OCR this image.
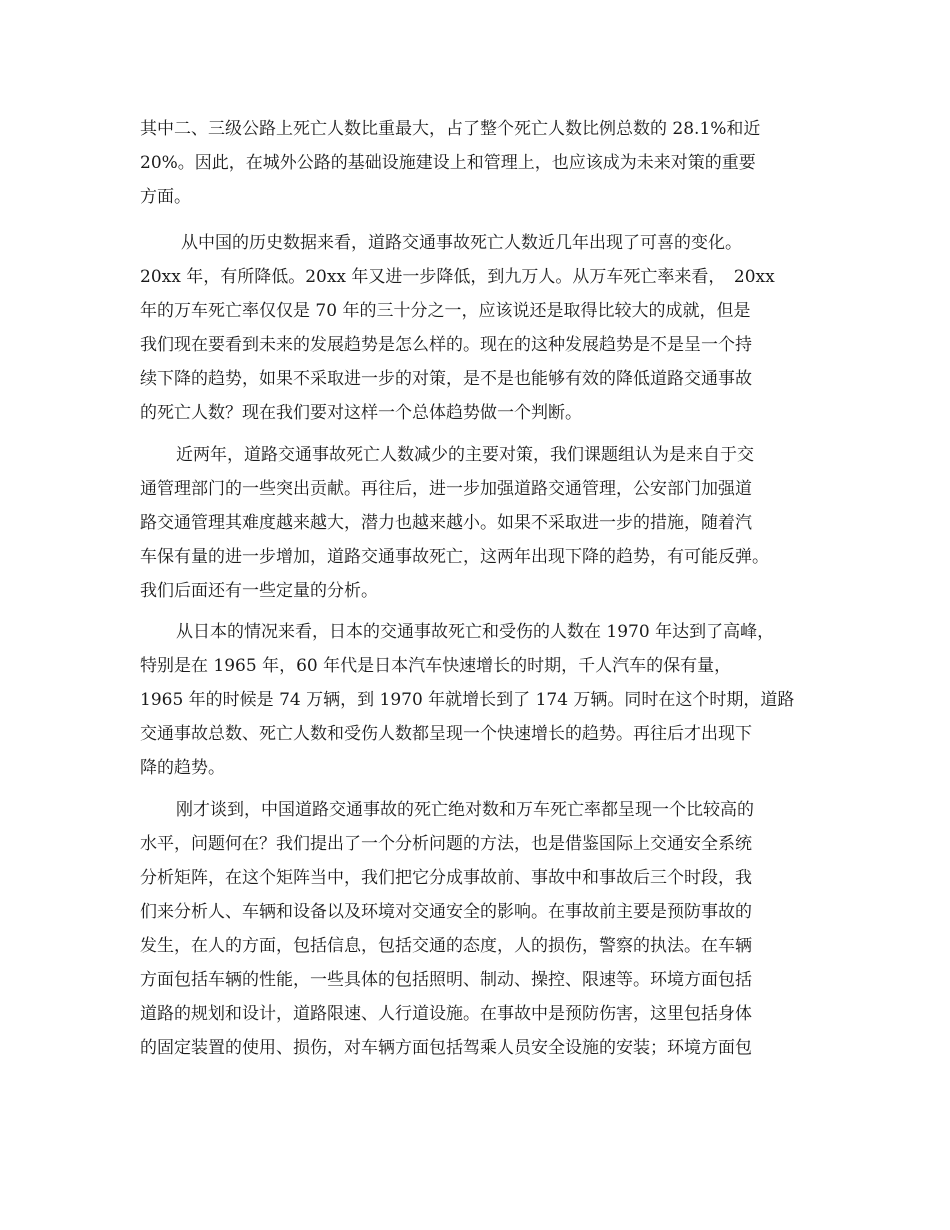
其中二、三级公路上死亡人数比重最大，占了整个死亡人数比例总数的 28.1%和近
20%。因此，在城外公路的基础设施建设上和管理上，也应该成为未来对策的重要
方面。
　从中国的历史数据来看，道路交通事故死亡人数近几年出现了可喜的变化。
20xx 年，有所降低。20xx 年又进一步降低，到九万人。从万车死亡率来看，　20xx
年的万车死亡率仅仅是 70 年的三十分之一，应该说还是取得比较大的成就，但是
我们现在要看到未来的发展趋势是怎么样的。现在的这种发展趋势是不是呈一个持
续下降的趋势，如果不采取进一步的对策，是不是也能够有效的降低道路交通事故
的死亡人数？现在我们要对这样一个总体趋势做一个判断。
近两年，道路交通事故死亡人数减少的主要对策，我们课题组认为是来自于交
通管理部门的一些突出贡献。再往后，进一步加强道路交通管理，公安部门加强道
路交通管理其难度越来越大，潜力也越来越小。如果不采取进一步的措施，随着汽
车保有量的进一步增加，道路交通事故死亡，这两年出现下降的趋势，有可能反弹。
我们后面还有一些定量的分析。
从日本的情况来看，日本的交通事故死亡和受伤的人数在 1970 年达到了高峰，
特别是在 1965 年，60 年代是日本汽车快速增长的时期，千人汽车的保有量，
1965 年的时候是 74 万辆，到 1970 年就增长到了 174 万辆。同时在这个时期，道路
交通事故总数、死亡人数和受伤人数都呈现一个快速增长的趋势。再往后才出现下
降的趋势。
刚才谈到，中国道路交通事故的死亡绝对数和万车死亡率都呈现一个比较高的
水平，问题何在？我们提出了一个分析问题的方法，也是借鉴国际上交通安全系统
分析矩阵，在这个矩阵当中，我们把它分成事故前、事故中和事故后三个时段，我
们来分析人、车辆和设备以及环境对交通安全的影响。在事故前主要是预防事故的
发生，在人的方面，包括信息，包括交通的态度，人的损伤，警察的执法。在车辆
方面包括车辆的性能，一些具体的包括照明、制动、操控、限速等。环境方面包括
道路的规划和设计，道路限速、人行道设施。在事故中是预防伤害，这里包括身体
的固定装置的使用、损伤，对车辆方面包括驾乘人员安全设施的安装；环境方面包
